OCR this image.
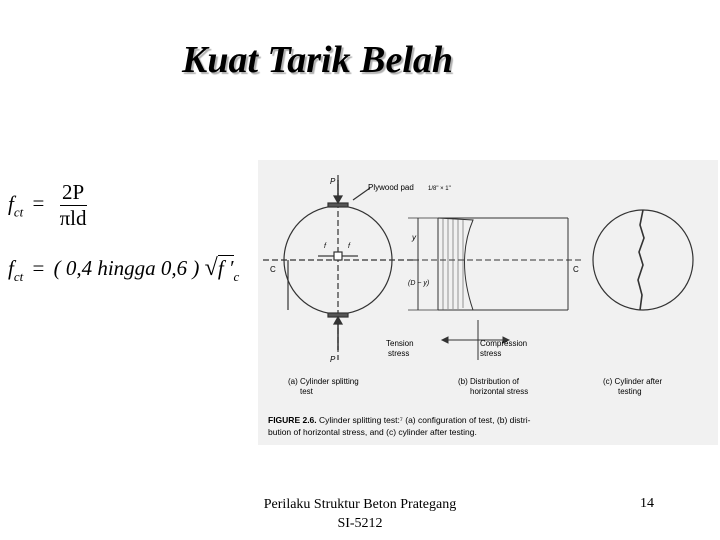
Kuat Tarik Belah
$f_{ct} = \frac{2P}{\text{πld}}$
$f_{ct}$ = ( 0,4 hingga 0,6 ) √f $'_c$
P
P
Plywood pad 1/8" × 1"
f	f
C
y
(D − y)
C
Tension
stress
Compression
stress
(a) Cylinder splitting
test
(b) Distribution of
horizontal stress
(c) Cylinder after
testing
FIGURE 2.6. Cylinder splitting test:⁷ (a) configuration of test, (b) distri-
bution of horizontal stress, and (c) cylinder after testing.
Perilaku Struktur Beton Prategang
SI-5212
14
